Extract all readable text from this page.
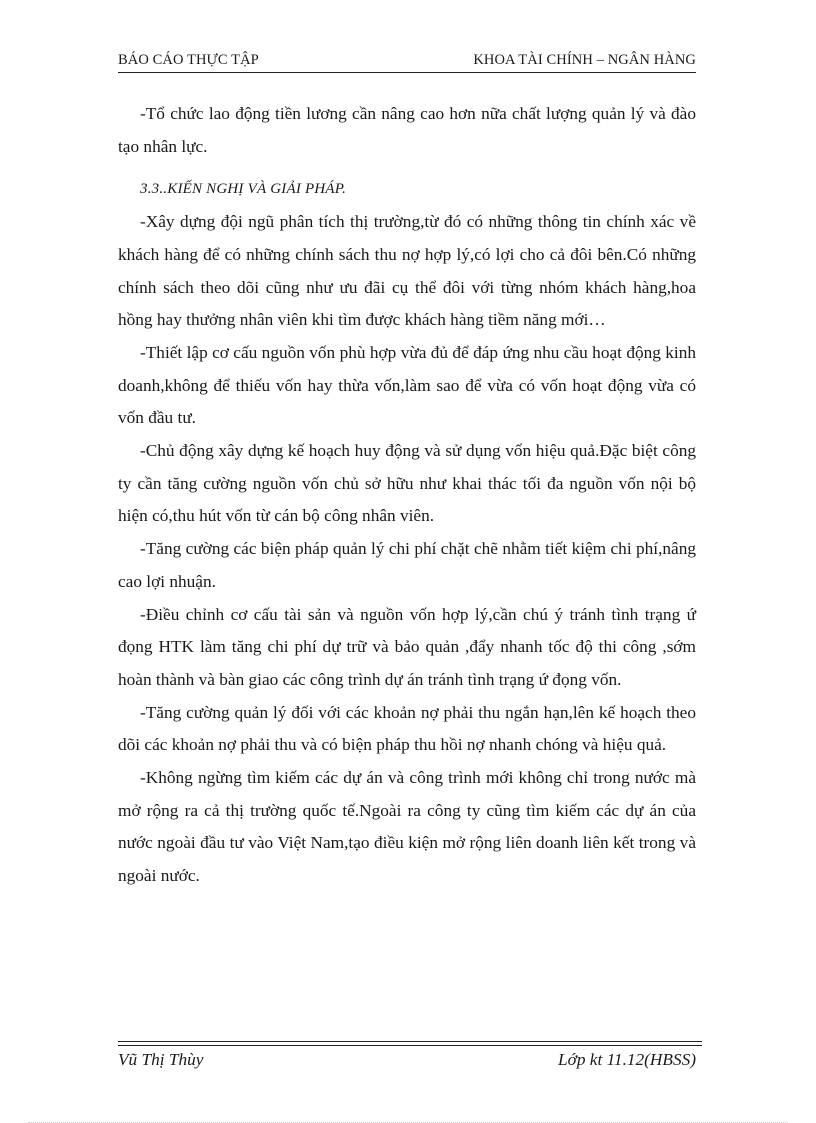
BÁO CÁO THỰC TẬP	KHOA TÀI CHÍNH – NGÂN HÀNG

-Tổ chức lao động tiền lương cần nâng cao hơn nữa chất lượng quản lý và đào tạo nhân lực.

3.3..KIẾN NGHỊ VÀ GIẢI PHÁP.

-Xây dựng đội ngũ phân tích thị trường,từ đó có những thông tin chính xác về khách hàng để có những chính sách thu nợ hợp lý,có lợi cho cả đôi bên.Có những chính sách theo dõi cũng như ưu đãi cụ thể đôi với từng nhóm khách hàng,hoa hồng hay thưởng nhân viên khi tìm được khách hàng tiềm năng mới…

-Thiết lập cơ cấu nguồn vốn phù hợp vừa đủ để đáp ứng nhu cầu hoạt động kinh doanh,không để thiếu vốn hay thừa vốn,làm sao để vừa có vốn hoạt động vừa có vốn đầu tư.

-Chủ động xây dựng kế hoạch huy động và sử dụng vốn hiệu quả.Đặc biệt công ty cần tăng cường nguồn vốn chủ sở hữu như khai thác tối đa nguồn vốn nội bộ hiện có,thu hút vốn từ cán bộ công nhân viên.

-Tăng cường các biện pháp quản lý chi phí chặt chẽ nhằm tiết kiệm chi phí,nâng cao lợi nhuận.

-Điều chỉnh cơ cấu tài sản và nguồn vốn hợp lý,cần chú ý tránh tình trạng ứ đọng HTK làm tăng chi phí dự trữ và bảo quản ,đẩy nhanh tốc độ thi công ,sớm hoàn thành và bàn giao các công trình dự án tránh tình trạng ứ đọng vốn.

-Tăng cường quản lý đối với các khoản nợ phải thu ngắn hạn,lên kế hoạch theo dõi các khoản nợ phải thu và có biện pháp thu hồi nợ nhanh chóng và hiệu quả.

-Không ngừng tìm kiếm các dự án và công trình mới không chỉ trong nước mà mở rộng ra cả thị trường quốc tế.Ngoài ra công ty cũng tìm kiếm các dự án của nước ngoài đầu tư vào Việt Nam,tạo điều kiện mở rộng liên doanh liên kết trong và ngoài nước.

Vũ Thị Thùy	Lớp kt 11.12(HBSS)
